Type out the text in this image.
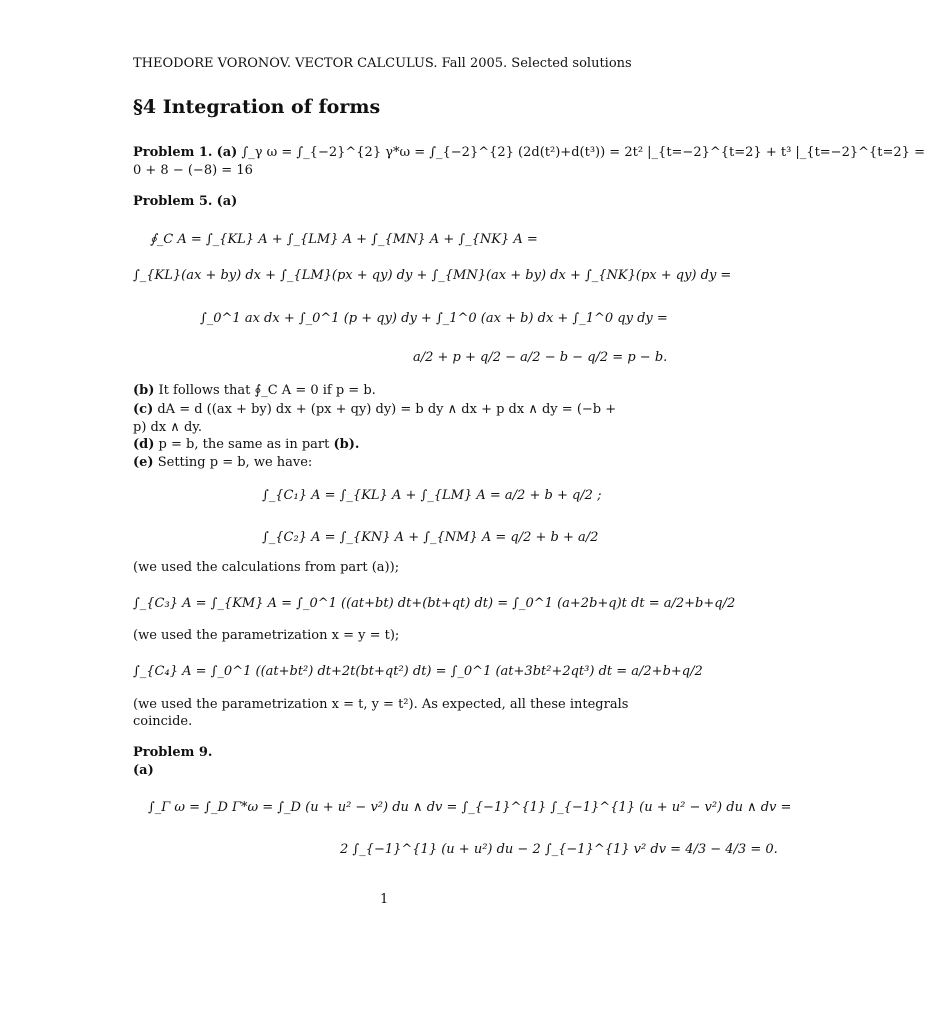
THEODORE VORONOV. VECTOR CALCULUS. Fall 2005. Selected solutions
§4 Integration of forms
Problem 1. (a) ∫_γ ω = ∫_{−2}^{2} γ*ω = ∫_{−2}^{2} (2d(t²)+d(t³)) = 2t² |_{t=−2}^{t=2} + t³ |_{t=−2}^{t=2} =
0 + 8 − (−8) = 16
Problem 5. (a)
∮_C A = ∫_{KL} A + ∫_{LM} A + ∫_{MN} A + ∫_{NK} A =
∫_{KL}(ax + by) dx + ∫_{LM}(px + qy) dy + ∫_{MN}(ax + by) dx + ∫_{NK}(px + qy) dy =
∫_0^1 ax dx + ∫_0^1 (p + qy) dy + ∫_1^0 (ax + b) dx + ∫_1^0 qy dy =
a/2 + p + q/2 − a/2 − b − q/2 = p − b.
(b) It follows that ∮_C A = 0 if p = b.
(c) dA = d ((ax + by) dx + (px + qy) dy) = b dy ∧ dx + p dx ∧ dy = (−b +
p) dx ∧ dy.
(d) p = b, the same as in part (b).
(e) Setting p = b, we have:
∫_{C₁} A = ∫_{KL} A + ∫_{LM} A = a/2 + b + q/2 ;
∫_{C₂} A = ∫_{KN} A + ∫_{NM} A = q/2 + b + a/2
(we used the calculations from part (a));
∫_{C₃} A = ∫_{KM} A = ∫_0^1 ((at+bt) dt+(bt+qt) dt) = ∫_0^1 (a+2b+q)t dt = a/2+b+q/2
(we used the parametrization x = y = t);
∫_{C₄} A = ∫_0^1 ((at+bt²) dt+2t(bt+qt²) dt) = ∫_0^1 (at+3bt²+2qt³) dt = a/2+b+q/2
(we used the parametrization x = t, y = t²). As expected, all these integrals
coincide.
Problem 9.
(a)
∫_Γ ω = ∫_D Γ*ω = ∫_D (u + u² − v²) du ∧ dv = ∫_{−1}^{1} ∫_{−1}^{1} (u + u² − v²) du ∧ dv =
2 ∫_{−1}^{1} (u + u²) du − 2 ∫_{−1}^{1} v² dv = 4/3 − 4/3 = 0.
1
